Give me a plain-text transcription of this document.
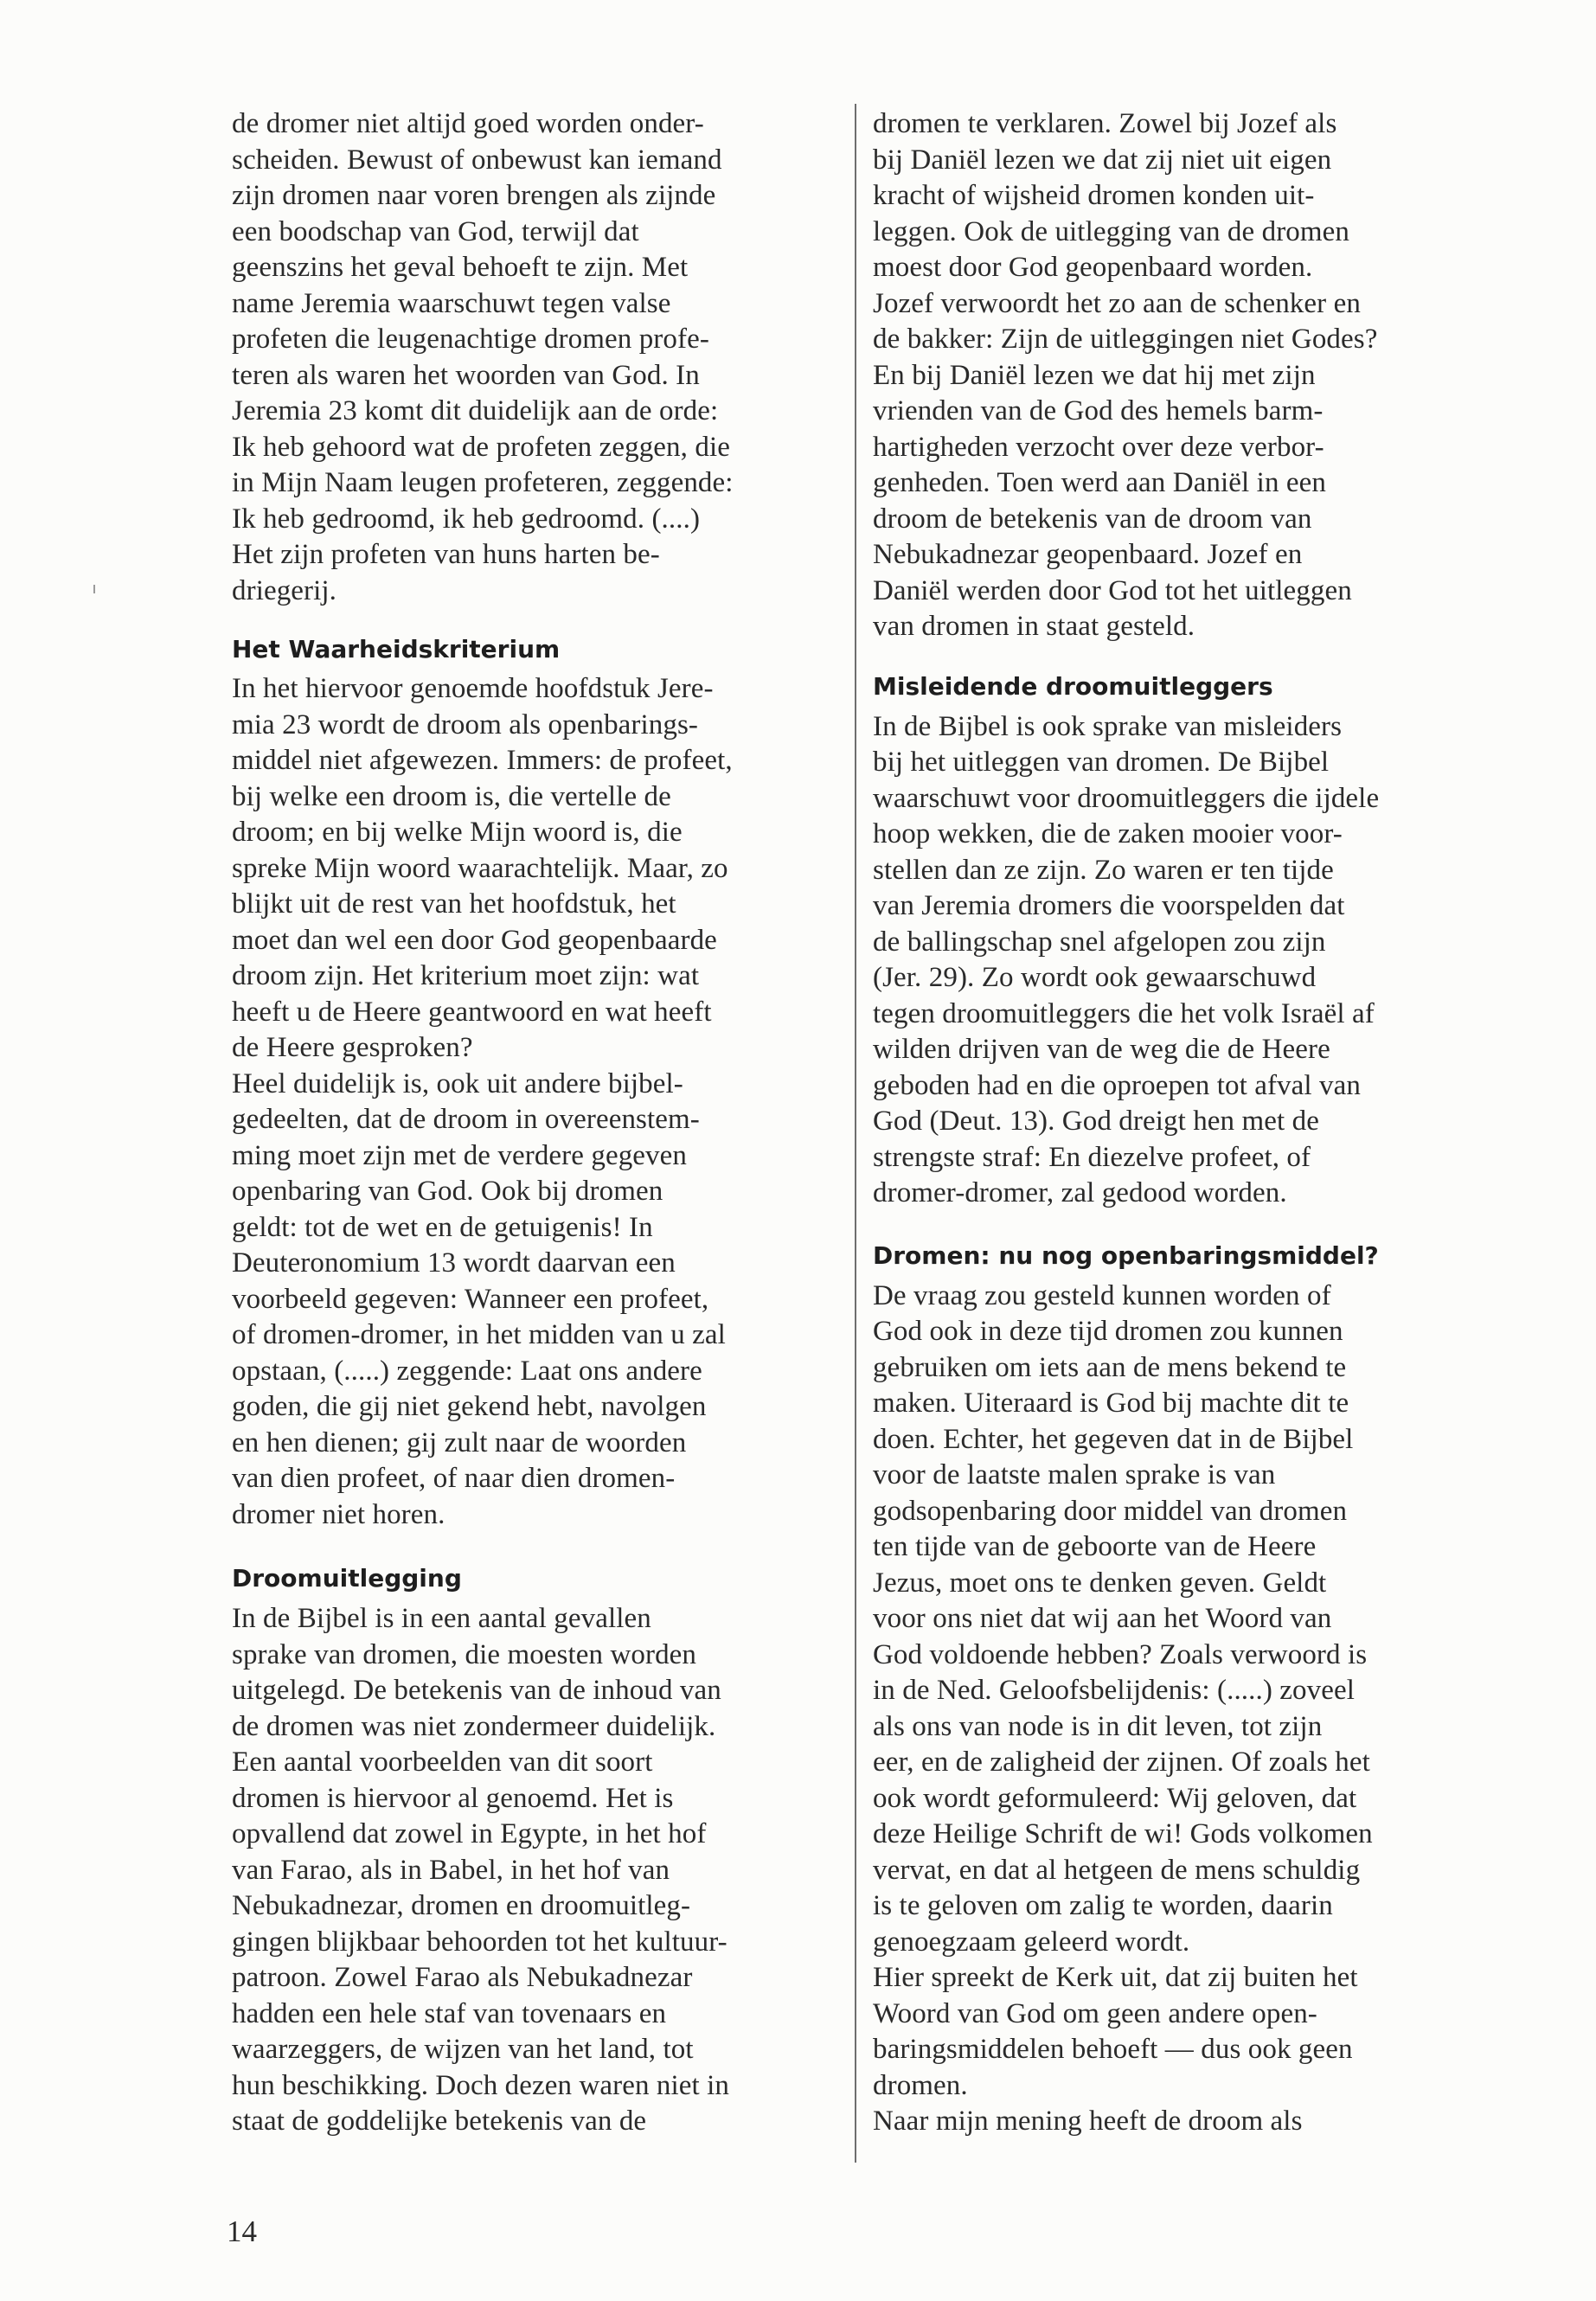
de dromer niet altijd goed worden onder-
scheiden. Bewust of onbewust kan iemand
zijn dromen naar voren brengen als zijnde
een boodschap van God, terwijl dat
geenszins het geval behoeft te zijn. Met
name Jeremia waarschuwt tegen valse
profeten die leugenachtige dromen profe-
teren als waren het woorden van God. In
Jeremia 23 komt dit duidelijk aan de orde:
Ik heb gehoord wat de profeten zeggen, die
in Mijn Naam leugen profeteren, zeggende:
Ik heb gedroomd, ik heb gedroomd. (....)
Het zijn profeten van huns harten be-
driegerij.
Het Waarheidskriterium
In het hiervoor genoemde hoofdstuk Jere-
mia 23 wordt de droom als openbarings-
middel niet afgewezen. Immers: de profeet,
bij welke een droom is, die vertelle de
droom; en bij welke Mijn woord is, die
spreke Mijn woord waarachtelijk. Maar, zo
blijkt uit de rest van het hoofdstuk, het
moet dan wel een door God geopenbaarde
droom zijn. Het kriterium moet zijn: wat
heeft u de Heere geantwoord en wat heeft
de Heere gesproken?
Heel duidelijk is, ook uit andere bijbel-
gedeelten, dat de droom in overeenstem-
ming moet zijn met de verdere gegeven
openbaring van God. Ook bij dromen
geldt: tot de wet en de getuigenis! In
Deuteronomium 13 wordt daarvan een
voorbeeld gegeven: Wanneer een profeet,
of dromen-dromer, in het midden van u zal
opstaan, (.....) zeggende: Laat ons andere
goden, die gij niet gekend hebt, navolgen
en hen dienen; gij zult naar de woorden
van dien profeet, of naar dien dromen-
dromer niet horen.
Droomuitlegging
In de Bijbel is in een aantal gevallen
sprake van dromen, die moesten worden
uitgelegd. De betekenis van de inhoud van
de dromen was niet zondermeer duidelijk.
Een aantal voorbeelden van dit soort
dromen is hiervoor al genoemd. Het is
opvallend dat zowel in Egypte, in het hof
van Farao, als in Babel, in het hof van
Nebukadnezar, dromen en droomuitleg-
gingen blijkbaar behoorden tot het kultuur-
patroon. Zowel Farao als Nebukadnezar
hadden een hele staf van tovenaars en
waarzeggers, de wijzen van het land, tot
hun beschikking. Doch dezen waren niet in
staat de goddelijke betekenis van de
dromen te verklaren. Zowel bij Jozef als
bij Daniël lezen we dat zij niet uit eigen
kracht of wijsheid dromen konden uit-
leggen. Ook de uitlegging van de dromen
moest door God geopenbaard worden.
Jozef verwoordt het zo aan de schenker en
de bakker: Zijn de uitleggingen niet Godes?
En bij Daniël lezen we dat hij met zijn
vrienden van de God des hemels barm-
hartigheden verzocht over deze verbor-
genheden. Toen werd aan Daniël in een
droom de betekenis van de droom van
Nebukadnezar geopenbaard. Jozef en
Daniël werden door God tot het uitleggen
van dromen in staat gesteld.
Misleidende droomuitleggers
In de Bijbel is ook sprake van misleiders
bij het uitleggen van dromen. De Bijbel
waarschuwt voor droomuitleggers die ijdele
hoop wekken, die de zaken mooier voor-
stellen dan ze zijn. Zo waren er ten tijde
van Jeremia dromers die voorspelden dat
de ballingschap snel afgelopen zou zijn
(Jer. 29). Zo wordt ook gewaarschuwd
tegen droomuitleggers die het volk Israël af
wilden drijven van de weg die de Heere
geboden had en die oproepen tot afval van
God (Deut. 13). God dreigt hen met de
strengste straf: En diezelve profeet, of
dromer-dromer, zal gedood worden.
Dromen: nu nog openbaringsmiddel?
De vraag zou gesteld kunnen worden of
God ook in deze tijd dromen zou kunnen
gebruiken om iets aan de mens bekend te
maken. Uiteraard is God bij machte dit te
doen. Echter, het gegeven dat in de Bijbel
voor de laatste malen sprake is van
godsopenbaring door middel van dromen
ten tijde van de geboorte van de Heere
Jezus, moet ons te denken geven. Geldt
voor ons niet dat wij aan het Woord van
God voldoende hebben? Zoals verwoord is
in de Ned. Geloofsbelijdenis: (.....) zoveel
als ons van node is in dit leven, tot zijn
eer, en de zaligheid der zijnen. Of zoals het
ook wordt geformuleerd: Wij geloven, dat
deze Heilige Schrift de wi! Gods volkomen
vervat, en dat al hetgeen de mens schuldig
is te geloven om zalig te worden, daarin
genoegzaam geleerd wordt.
Hier spreekt de Kerk uit, dat zij buiten het
Woord van God om geen andere open-
baringsmiddelen behoeft — dus ook geen
dromen.
Naar mijn mening heeft de droom als
14
